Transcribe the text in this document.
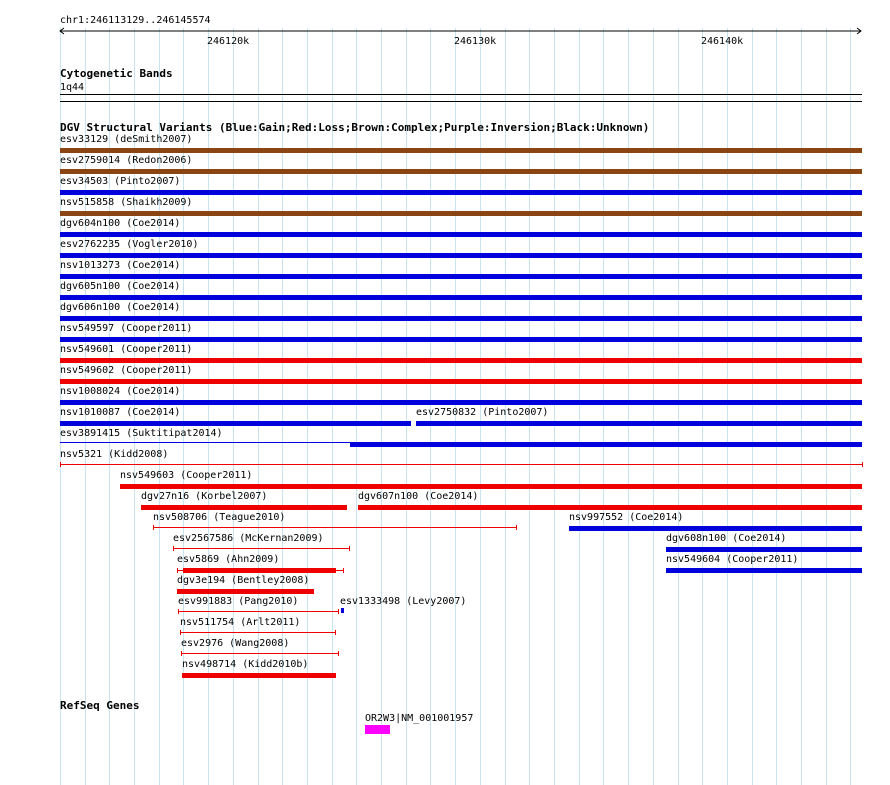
chr1:246113129..246145574
246120k	246130k	246140k
Cytogenetic Bands
1q44
DGV Structural Variants (Blue:Gain;Red:Loss;Brown:Complex;Purple:Inversion;Black:Unknown)
esv33129 (deSmith2007)
esv2759014 (Redon2006)
esv34503 (Pinto2007)
nsv515858 (Shaikh2009)
dgv604n100 (Coe2014)
esv2762235 (Vogler2010)
nsv1013273 (Coe2014)
dgv605n100 (Coe2014)
dgv606n100 (Coe2014)
nsv549597 (Cooper2011)
nsv549601 (Cooper2011)
nsv549602 (Cooper2011)
nsv1008024 (Coe2014)
nsv1010087 (Coe2014)	esv2750832 (Pinto2007)
esv3891415 (Suktitipat2014)
nsv5321 (Kidd2008)
nsv549603 (Cooper2011)
dgv27n16 (Korbel2007)	dgv607n100 (Coe2014)
nsv508706 (Teague2010)	nsv997552 (Coe2014)
esv2567586 (McKernan2009)	dgv608n100 (Coe2014)
esv5869 (Ahn2009)	nsv549604 (Cooper2011)
dgv3e194 (Bentley2008)
esv991883 (Pang2010)	esv1333498 (Levy2007)
nsv511754 (Arlt2011)
esv2976 (Wang2008)
nsv498714 (Kidd2010b)
RefSeq Genes
OR2W3|NM_001001957
